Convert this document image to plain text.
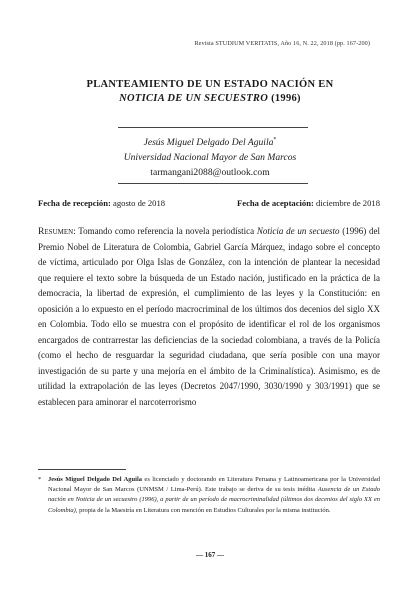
Revista STUDIUM VERITATIS, Año 16, N. 22, 2018 (pp. 167-200)
PLANTEAMIENTO DE UN ESTADO NACIÓN EN
NOTICIA DE UN SECUESTRO (1996)
Jesús Miguel Delgado Del Aguila*
Universidad Nacional Mayor de San Marcos
tarmangani2088@outlook.com
Fecha de recepción: agosto de 2018	Fecha de aceptación: diciembre de 2018
Resumen: Tomando como referencia la novela periodística Noticia de un secuesto (1996) del Premio Nobel de Literatura de Colombia, Gabriel García Márquez, indago sobre el concepto de víctima, articulado por Olga Islas de González, con la intención de plantear la necesidad que requiere el texto sobre la búsqueda de un Estado nación, justificado en la práctica de la democracia, la libertad de expresión, el cumplimiento de las leyes y la Constitución: en oposición a lo expuesto en el período macrocriminal de los últimos dos decenios del siglo XX en Colombia. Todo ello se muestra con el propósito de identificar el rol de los organismos encargados de contrarrestar las deficiencias de la sociedad colombiana, a través de la Policía (como el hecho de resguardar la seguridad ciudadana, que sería posible con una mayor investigación de su parte y una mejoría en el ámbito de la Criminalística). Asimismo, es de utilidad la extrapolación de las leyes (Decretos 2047/1990, 3030/1990 y 303/1991) que se establecen para aminorar el narcoterrorismo
* Jesús Miguel Delgado Del Aguila es licenciado y doctorando en Literatura Peruana y Latinoamericana por la Universidad Nacional Mayor de San Marcos (UNMSM / Lima-Perú). Este trabajo se deriva de su tesis inédita Ausencia de un Estado nación en Noticia de un secuestro (1996), a partir de un período de macrocriminalidad (últimos dos decenios del siglo XX en Colombia), propia de la Maestría en Literatura con mención en Estudios Culturales por la misma institución.
— 167 —
